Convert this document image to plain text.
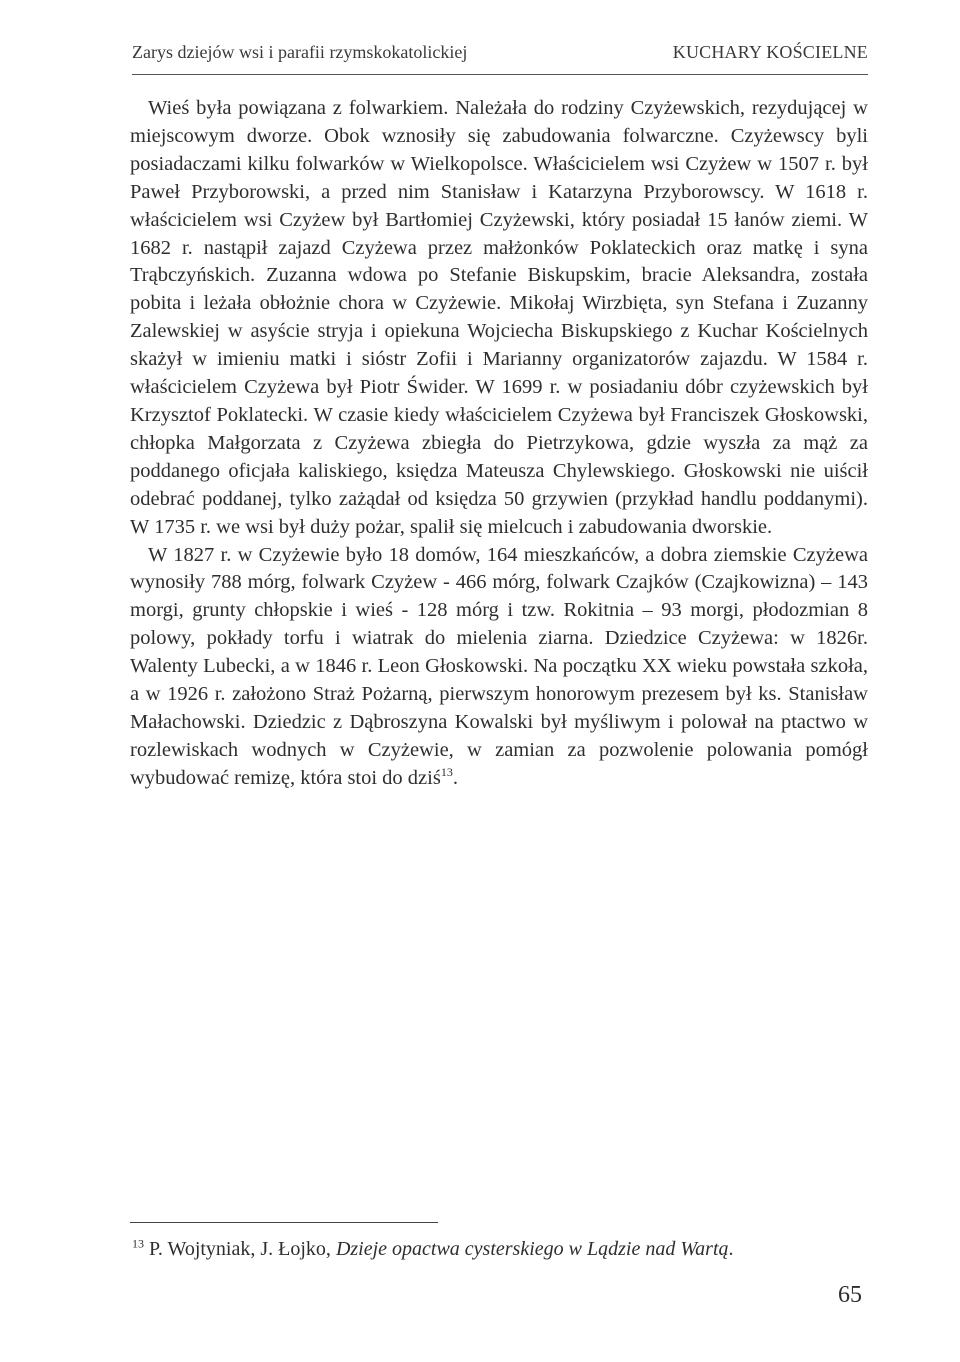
Zarys dziejów wsi i parafii rzymskokatolickiej	KUCHARY KOŚCIELNE

Wieś była powiązana z folwarkiem. Należała do rodziny Czyżewskich, rezydującej w miejscowym dworze. Obok wznosiły się zabudowania folwarczne. Czyżewscy byli posiadaczami kilku folwarków w Wielkopolsce. Właścicielem wsi Czyżew w 1507 r. był Paweł Przyborowski, a przed nim Stanisław i Katarzyna Przyborowscy. W 1618 r. właścicielem wsi Czyżew był Bartłomiej Czyżewski, który posiadał 15 łanów ziemi. W 1682 r. nastąpił zajazd Czyżewa przez małżonków Poklateckich oraz matkę i syna Trąbczyńskich. Zuzanna wdowa po Stefanie Biskupskim, bracie Aleksandra, została pobita i leżała obłożnie chora w Czyżewie. Mikołaj Wirzbięta, syn Stefana i Zuzanny Zalewskiej w asyście stryja i opiekuna Wojciecha Biskupskiego z Kuchar Kościelnych skażył w imieniu matki i sióstr Zofii i Marianny organizatorów zajazdu. W 1584 r. właścicielem Czyżewa był Piotr Świder. W 1699 r. w posiadaniu dóbr czyżewskich był Krzysztof Poklatecki. W czasie kiedy właścicielem Czyżewa był Franciszek Głoskowski, chłopka Małgorzata z Czyżewa zbiegła do Pietrzykowa, gdzie wyszła za mąż za poddanego oficjała kaliskiego, księdza Mateusza Chylewskiego. Głoskowski nie uiścił odebrać poddanej, tylko zażądał od księdza 50 grzywien (przykład handlu poddanymi). W 1735 r. we wsi był duży pożar, spalił się mielcuch i zabudowania dworskie.

W 1827 r. w Czyżewie było 18 domów, 164 mieszkańców, a dobra ziemskie Czyżewa wynosiły 788 mórg, folwark Czyżew - 466 mórg, folwark Czajków (Czajkowizna) – 143 morgi, grunty chłopskie i wieś - 128 mórg i tzw. Rokitnia – 93 morgi, płodozmian 8 polowy, pokłady torfu i wiatrak do mielenia ziarna. Dziedzice Czyżewa: w 1826r. Walenty Lubecki, a w 1846 r. Leon Głoskowski. Na początku XX wieku powstała szkoła, a w 1926 r. założono Straż Pożarną, pierwszym honorowym prezesem był ks. Stanisław Małachowski. Dziedzic z Dąbroszyna Kowalski był myśliwym i polował na ptactwo w rozlewiskach wodnych w Czyżewie, w zamian za pozwolenie polowania pomógł wybudować remizę, która stoi do dziś$^{13}$.

$^{13}$ P. Wojtyniak, J. Łojko, Dzieje opactwa cysterskiego w Lądzie nad Wartą.
65
